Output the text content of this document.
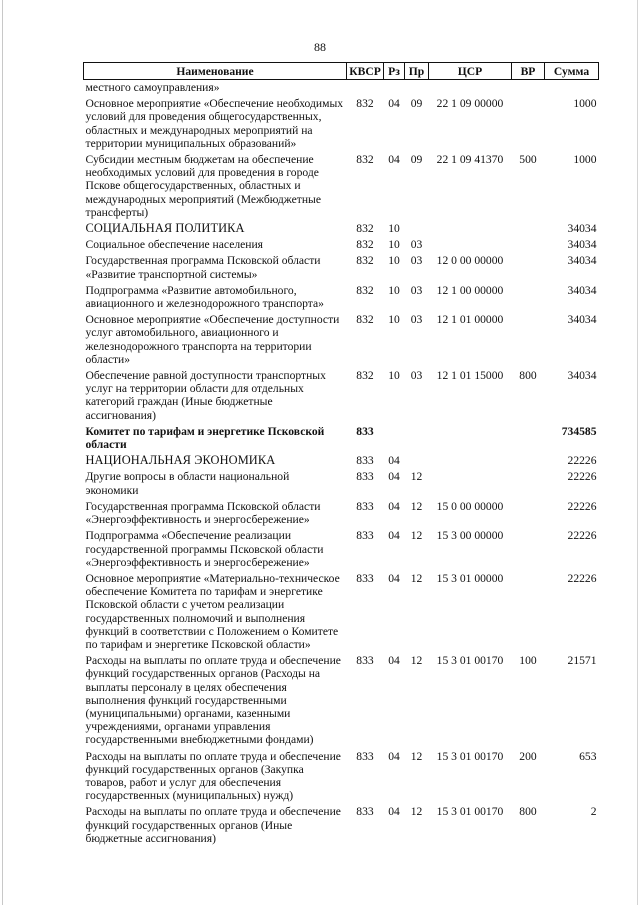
88
Наименование	КВСР	Рз	Пр	ЦСР	ВР	Сумма
местного самоуправления»						
Основное мероприятие «Обеспечение необходимых условий для проведения общегосударственных, областных и международных мероприятий на территории муниципальных образований»	832	04	09	22 1 09 00000		1000
Субсидии местным бюджетам на обеспечение необходимых условий для проведения в городе Пскове общегосударственных, областных и международных мероприятий (Межбюджетные трансферты)	832	04	09	22 1 09 41370	500	1000
СОЦИАЛЬНАЯ ПОЛИТИКА	832	10				34034
Социальное обеспечение населения	832	10	03			34034
Государственная программа Псковской области «Развитие транспортной системы»	832	10	03	12 0 00 00000		34034
Подпрограмма «Развитие автомобильного, авиационного и железнодорожного транспорта»	832	10	03	12 1 00 00000		34034
Основное мероприятие «Обеспечение доступности услуг автомобильного, авиационного и железнодорожного транспорта на территории области»	832	10	03	12 1 01 00000		34034
Обеспечение равной доступности транспортных услуг на территории области для отдельных категорий граждан (Иные бюджетные ассигнования)	832	10	03	12 1 01 15000	800	34034
Комитет по тарифам и энергетике Псковской области	833					734585
НАЦИОНАЛЬНАЯ ЭКОНОМИКА	833	04				22226
Другие вопросы в области национальной экономики	833	04	12			22226
Государственная программа Псковской области «Энергоэффективность и энергосбережение»	833	04	12	15 0 00 00000		22226
Подпрограмма «Обеспечение реализации государственной программы Псковской области «Энергоэффективность и энергосбережение»	833	04	12	15 3 00 00000		22226
Основное мероприятие «Материально-техническое обеспечение Комитета по тарифам и энергетике Псковской области с учетом реализации государственных полномочий и выполнения функций в соответствии с Положением о Комитете по тарифам и энергетике Псковской области»	833	04	12	15 3 01 00000		22226
Расходы на выплаты по оплате труда и обеспечение функций государственных органов (Расходы на выплаты персоналу в целях обеспечения выполнения функций государственными (муниципальными) органами, казенными учреждениями, органами управления государственными внебюджетными фондами)	833	04	12	15 3 01 00170	100	21571
Расходы на выплаты по оплате труда и обеспечение функций государственных органов (Закупка товаров, работ и услуг для обеспечения государственных (муниципальных) нужд)	833	04	12	15 3 01 00170	200	653
Расходы на выплаты по оплате труда и обеспечение функций государственных органов (Иные бюджетные ассигнования)	833	04	12	15 3 01 00170	800	2
